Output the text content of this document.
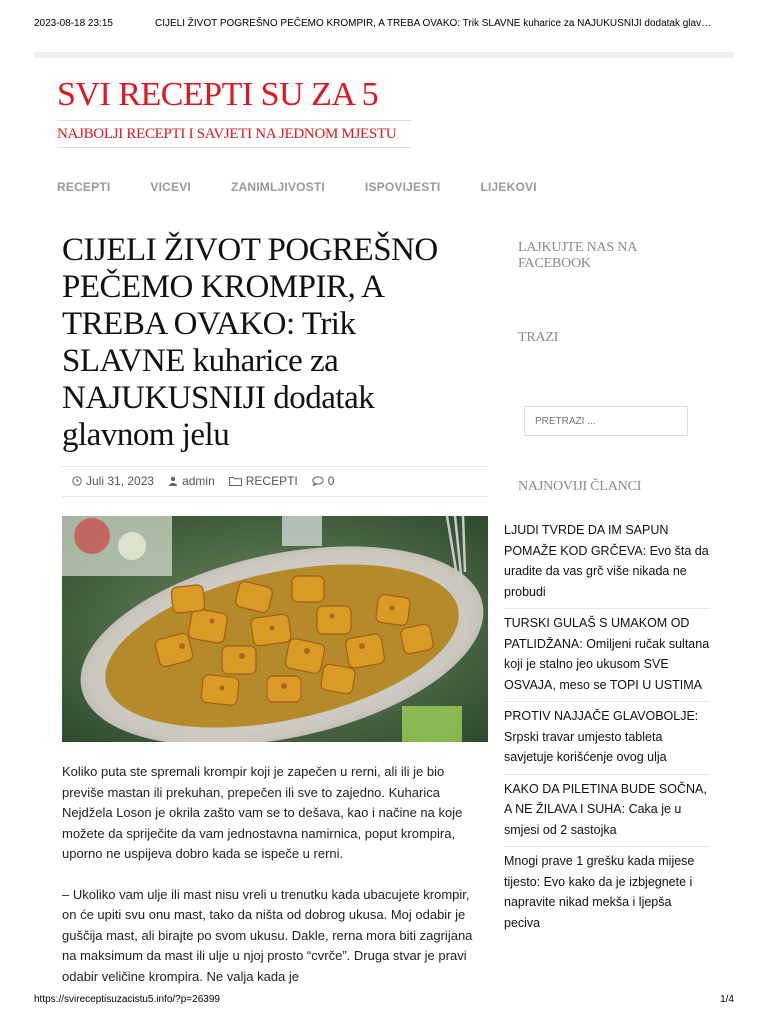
2023-08-18 23:15	CIJELI ŽIVOT POGREŠNO PEČEMO KROMPIR, A TREBA OVAKO: Trik SLAVNE kuharice za NAJUKUSNIJI dodatak glav…
SVI RECEPTI SU ZA 5
NAJBOLJI RECEPTI I SAVJETI NA JEDNOM MJESTU
RECEPTI	VICEVI	ZANIMLJIVOSTI	ISPOVIJESTI	LIJEKOVI
CIJELI ŽIVOT POGREŠNO PEČEMO KROMPIR, A TREBA OVAKO: Trik SLAVNE kuharice za NAJUKUSNIJI dodatak glavnom jelu
Juli 31, 2023 admin	RECEPTI	0

Koliko puta ste spremali krompir koji je zapečen u rerni, ali ili je bio previše mastan ili prekuhan, prepečen ili sve to zajedno. Kuharica Nejdžela Loson je okrila zašto vam se to dešava, kao i načine na koje možete da spriječite da vam jednostavna namirnica, poput krompira, uporno ne uspijeva dobro kada se ispeče u rerni.

– Ukoliko vam ulje ili mast nisu vreli u trenutku kada ubacujete krompir, on će upiti svu onu mast, tako da ništa od dobrog ukusa. Moj odabir je guščija mast, ali birajte po svom ukusu. Dakle, rerna mora biti zagrijana na maksimum da mast ili ulje u njoj prosto “cvrče”. Druga stvar je pravi odabir veličine krompira. Ne valja kada je

LAJKUJTE NAS NA FACEBOOK
TRAZI
PRETRAŽI ...
NAJNOVIJI ČLANCI
LJUDI TVRDE DA IM SAPUN POMAŽE KOD GRČEVA: Evo šta da uradite da vas grč više nikada ne probudi
TURSKI GULAŠ S UMAKOM OD PATLIDŽANA: Omiljeni ručak sultana koji je stalno jeo ukusom SVE OSVAJA, meso se TOPI U USTIMA
PROTIV NAJJAČE GLAVOBOLJE: Srpski travar umjesto tableta savjetuje korišćenje ovog ulja
KAKO DA PILETINA BUDE SOČNA, A NE ŽILAVA I SUHA: Caka je u smjesi od 2 sastojka
Mnogi prave 1 grešku kada mijese tijesto: Evo kako da je izbjegnete i napravite nikad mekša i ljepša peciva
https://svireceptisuzacistu5.info/?p=26399	1/4
